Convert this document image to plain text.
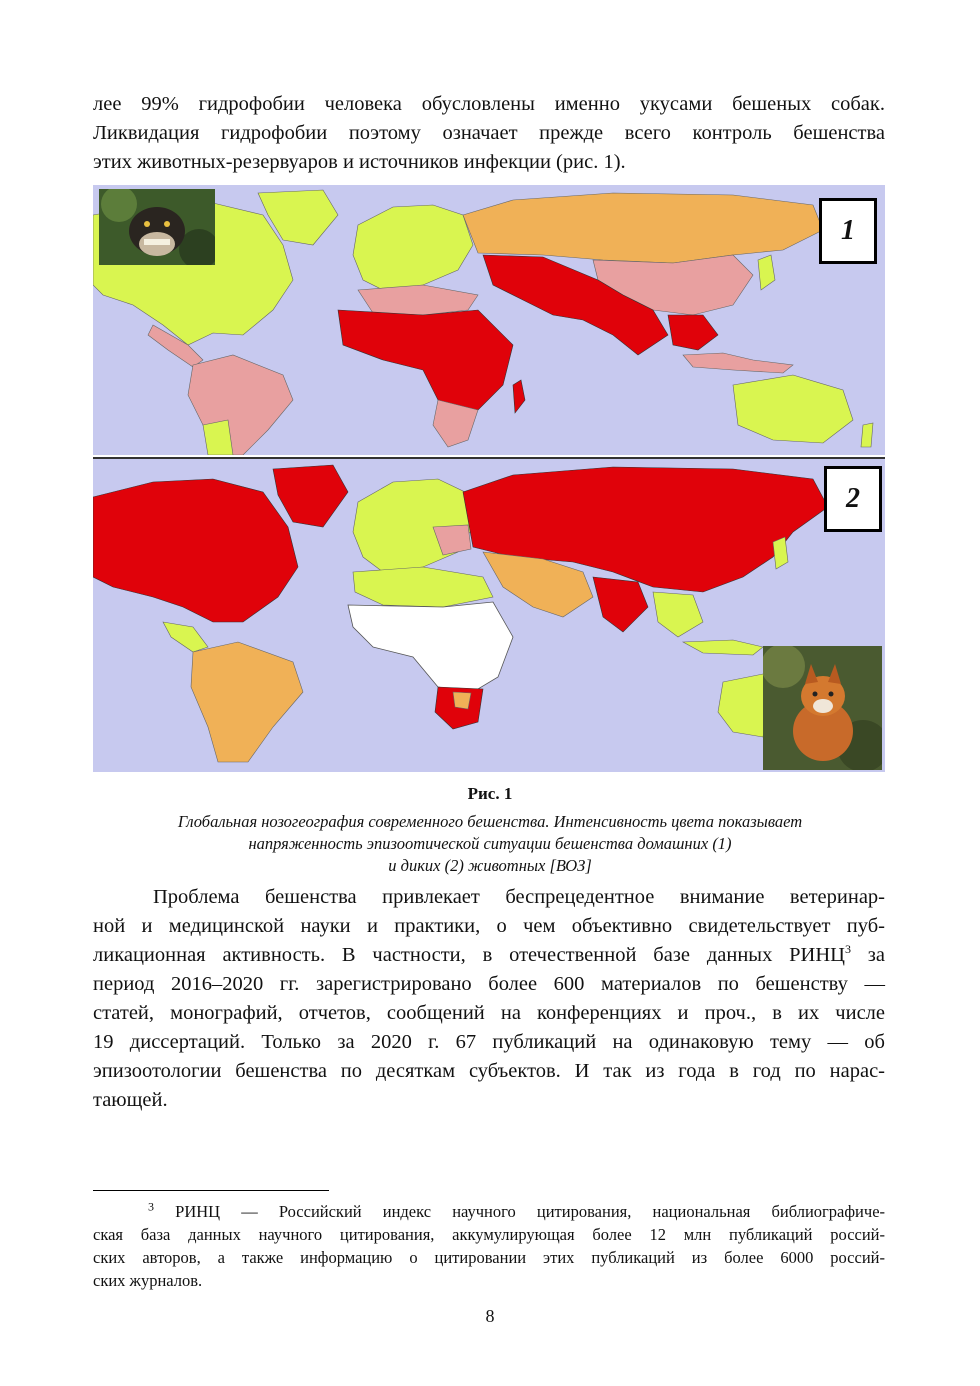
лее 99% гидрофобии человека обусловлены именно укусами бешеных собак.
Ликвидация гидрофобии поэтому означает прежде всего контроль бешенства
этих животных-резервуаров и источников инфекции (рис. 1).
1
2
Рис. 1
Глобальная нозогеография современного бешенства. Интенсивность цвета показывает
напряженность эпизоотической ситуации бешенства домашних (1)
и диких (2) животных [ВОЗ]
Проблема бешенства привлекает беспрецедентное внимание ветеринар-
ной и медицинской науки и практики, о чем объективно свидетельствует пуб-
ликационная активность. В частности, в отечественной базе данных РИНЦ$^3$ за
период 2016–2020 гг. зарегистрировано более 600 материалов по бешенству —
статей, монографий, отчетов, сообщений на конференциях и проч., в их числе
19 диссертаций. Только за 2020 г. 67 публикаций на одинаковую тему — об
эпизоотологии бешенства по десяткам субъектов. И так из года в год по нарас-
тающей.
$^3$ РИНЦ — Российский индекс научного цитирования, национальная библиографиче-
ская база данных научного цитирования, аккумулирующая более 12 млн публикаций россий-
ских авторов, а также информацию о цитировании этих публикаций из более 6000 россий-
ских журналов.
8
